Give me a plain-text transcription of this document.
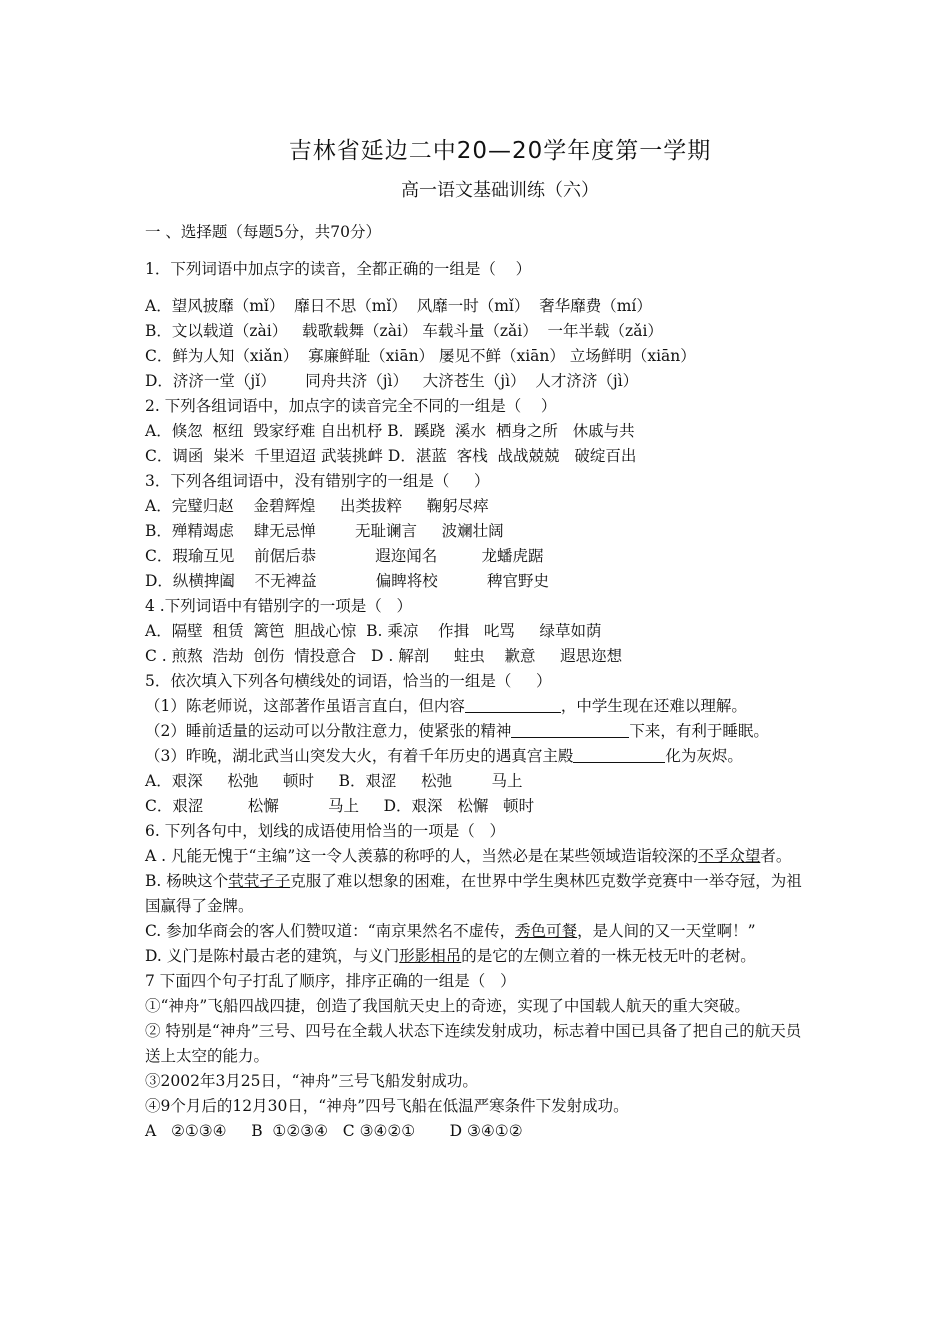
吉林省延边二中20—20学年度第一学期
高一语文基础训练（六）
一 、选择题（每题5分，共70分）
1．下列词语中加点字的读音，全都正确的一组是（    ）
A．望风披靡（mǐ）  靡日不思（mǐ）  风靡一时（mǐ）  奢华靡费（mí）
B．文以载道（zài）   载歌载舞（zài） 车载斗量（zǎi）  一年半载（zǎi）
C．鲜为人知（xiǎn）  寡廉鲜耻（xiān） 屡见不鲜（xiān） 立场鲜明（xiān）
D．济济一堂（jǐ）      同舟共济（jì）   大济苍生（jì）  人才济济（jì）
2. 下列各组词语中，加点字的读音完全不同的一组是（    ）
A．倏忽  枢纽  毁家纾难 自出机杼 B．蹊跷  溪水  栖身之所   休戚与共
C．调函  粜米  千里迢迢 武装挑衅 D．湛蓝  客栈  战战兢兢   破绽百出
3．下列各组词语中，没有错别字的一组是（     ）
A．完璧归赵    金碧辉煌     出类拔粹     鞠躬尽瘁
B．殚精竭虑    肆无忌惮        无耻谰言     波斓壮阔
C．瑕瑜互见    前倨后恭            遐迩闻名         龙蟠虎踞
D．纵横捭阖    不无裨益            偏睥将校          稗官野史
4 .下列词语中有错别字的一项是（   ）
A．隔壁  租赁  篱笆  胆战心惊  B. 乘凉    作揖   叱骂     绿草如荫
C . 煎熬  浩劫  创伤  情投意合   D . 解剖     蛀虫    歉意     遐思迩想
5．依次填入下列各句横线处的词语，恰当的一组是（     ）
（1）陈老师说，这部著作虽语言直白，但内容	，中学生现在还难以理解。
（2）睡前适量的运动可以分散注意力，使紧张的精神	下来，有利于睡眠。
（3）昨晚，湖北武当山突发大火，有着千年历史的遇真宫主殿	化为灰烬。
A．艰深     松弛     顿时     B．艰涩     松弛        马上
C．艰涩         松懈          马上     D．艰深   松懈   顿时
6. 下列各句中，划线的成语使用恰当的一项是（   ）
A . 凡能无愧于“主编”这一令人羡慕的称呼的人，当然必是在某些领域造诣较深的不孚众望者。
B. 杨映这个茕茕孑子克服了难以想象的困难，在世界中学生奥林匹克数学竞赛中一举夺冠，为祖国赢得了金牌。
C. 参加华商会的客人们赞叹道：“南京果然名不虚传，秀色可餐，是人间的又一天堂啊！”
D. 义门是陈村最古老的建筑，与义门形影相吊的是它的左侧立着的一株无枝无叶的老树。
7 下面四个句子打乱了顺序，排序正确的一组是（   ）
①“神舟”飞船四战四捷，创造了我国航天史上的奇迹，实现了中国载人航天的重大突破。
② 特别是“神舟”三号、四号在全载人状态下连续发射成功，标志着中国已具备了把自己的航天员送上太空的能力。
③2002年3月25日，“神舟”三号飞船发射成功。
④9个月后的12月30日，“神舟”四号飞船在低温严寒条件下发射成功。
A   ②①③④     B  ①②③④   C ③④②①       D ③④①②
